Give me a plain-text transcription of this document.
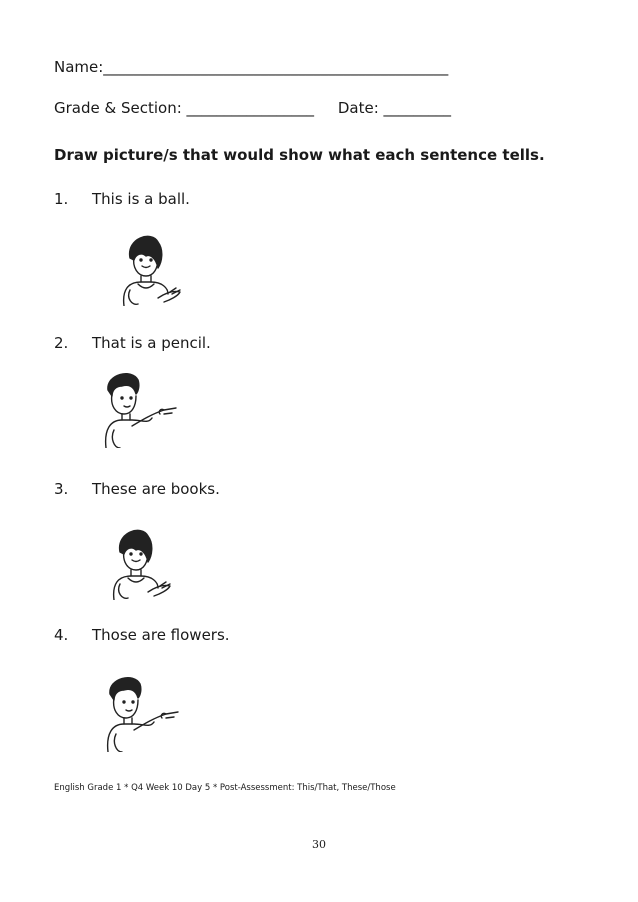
Name:______________________________________________
Grade & Section: _________________     Date: _________
Draw picture/s that would show what each sentence tells.
1. This is a ball.
2. That is a pencil.
3. These are books.
4. Those are flowers.
English Grade 1 * Q4 Week 10 Day 5 * Post-Assessment: This/That, These/Those
30
